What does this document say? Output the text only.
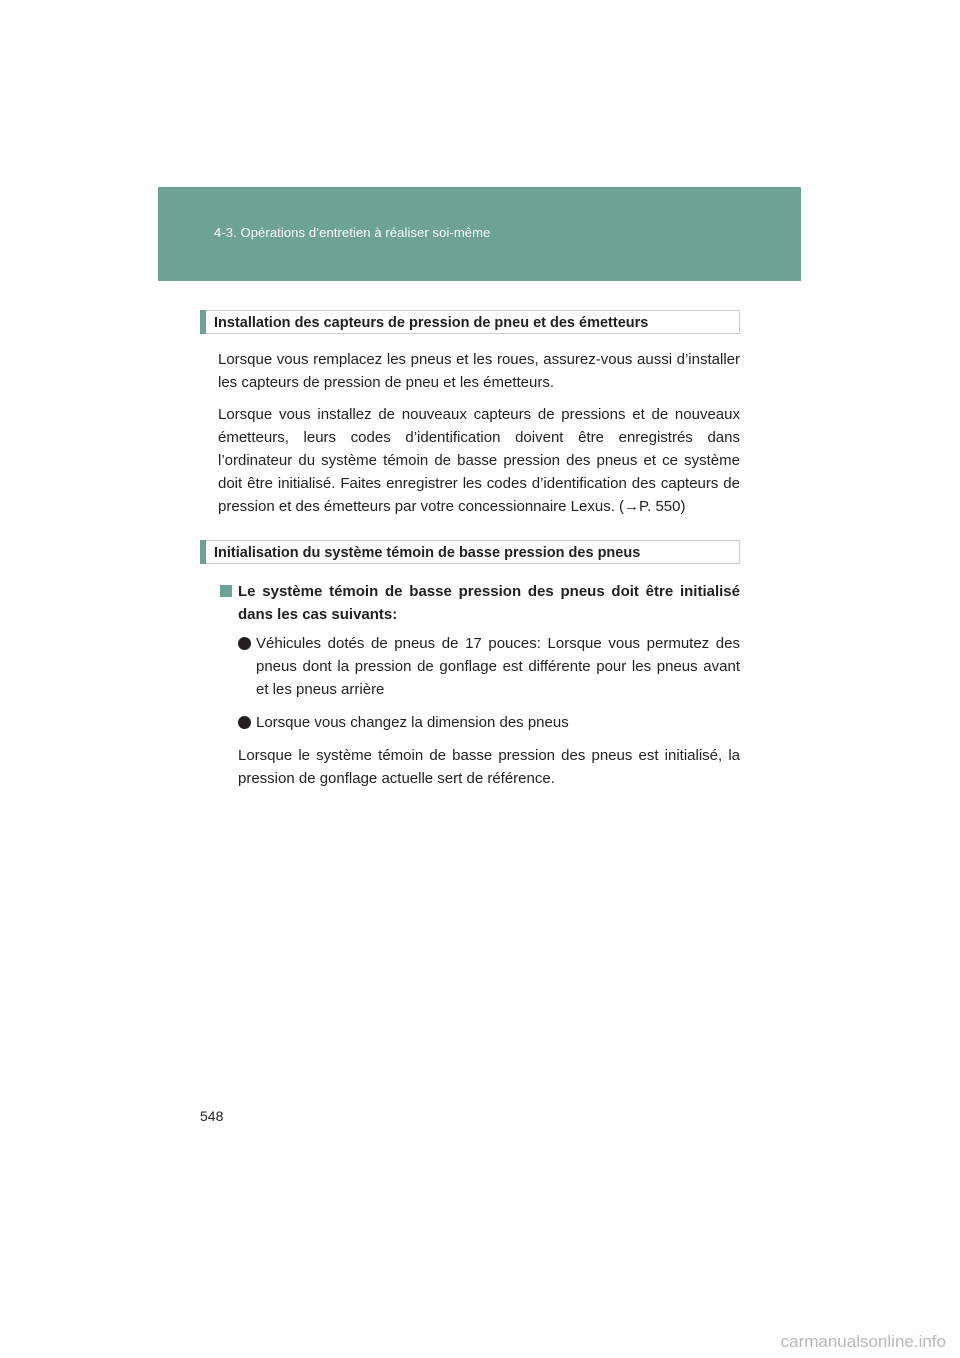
4-3. Opérations d’entretien à réaliser soi-même
Installation des capteurs de pression de pneu et des émetteurs

Lorsque vous remplacez les pneus et les roues, assurez-vous aussi d’installer les capteurs de pression de pneu et les émetteurs.

Lorsque vous installez de nouveaux capteurs de pressions et de nouveaux émetteurs, leurs codes d’identification doivent être enregistrés dans l’ordinateur du système témoin de basse pression des pneus et ce système doit être initialisé. Faites enregistrer les codes d’identification des capteurs de pression et des émetteurs par votre concessionnaire Lexus. (→P. 550)

Initialisation du système témoin de basse pression des pneus
Le système témoin de basse pression des pneus doit être initialisé dans les cas suivants:
Véhicules dotés de pneus de 17 pouces: Lorsque vous permutez des pneus dont la pression de gonflage est différente pour les pneus avant et les pneus arrière
Lorsque vous changez la dimension des pneus
Lorsque le système témoin de basse pression des pneus est initialisé, la pression de gonflage actuelle sert de référence.
548
carmanualsonline.info
